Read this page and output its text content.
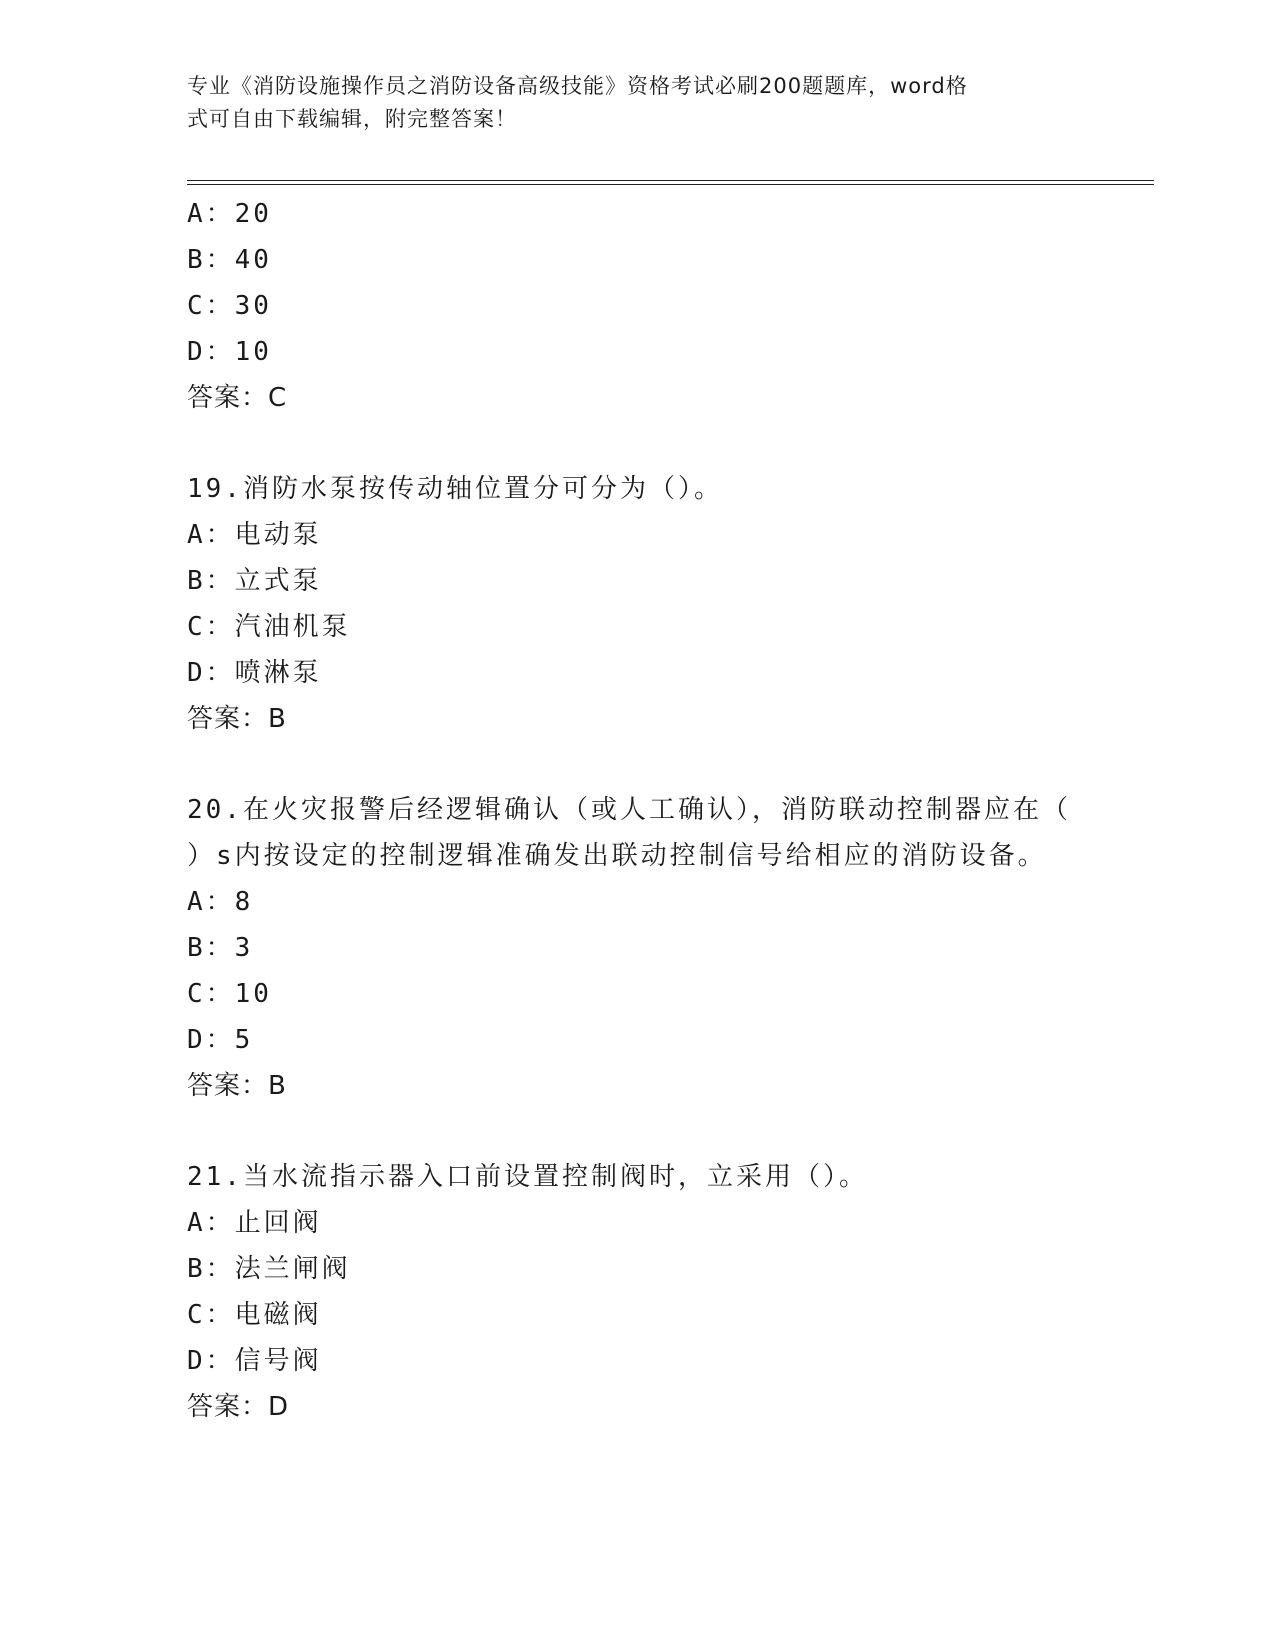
专业《消防设施操作员之消防设备高级技能》资格考试必刷200题题库，word格
式可自由下载编辑，附完整答案！
A：20
B：40
C：30
D：10
答案：C
19.消防水泵按传动轴位置分可分为（）。
A：电动泵
B：立式泵
C：汽油机泵
D：喷淋泵
答案：B
20.在火灾报警后经逻辑确认（或人工确认），消防联动控制器应在（
）s内按设定的控制逻辑准确发出联动控制信号给相应的消防设备。
A：8
B：3
C：10
D：5
答案：B
21.当水流指示器入口前设置控制阀时，立采用（）。
A：止回阀
B：法兰闸阀
C：电磁阀
D：信号阀
答案：D
